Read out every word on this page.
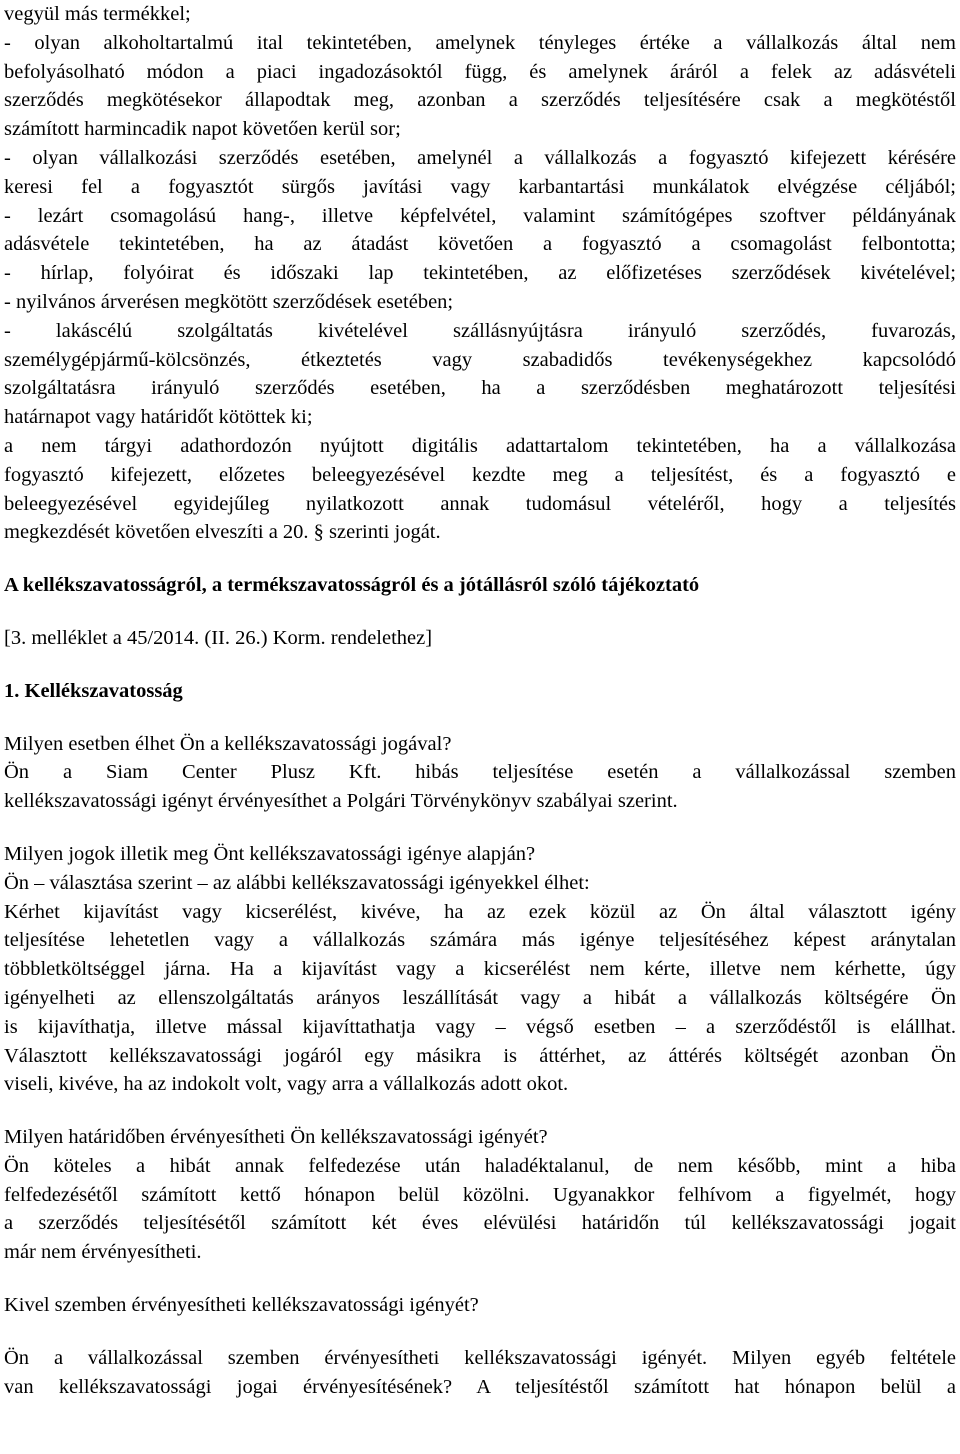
vegyül más termékkel;
- olyan alkoholtartalmú ital tekintetében, amelynek tényleges értéke a vállalkozás által nem
befolyásolható módon a piaci ingadozásoktól függ, és amelynek áráról a felek az adásvételi
szerződés megkötésekor állapodtak meg, azonban a szerződés teljesítésére csak a megkötéstől
számított harmincadik napot követően kerül sor;
- olyan vállalkozási szerződés esetében, amelynél a vállalkozás a fogyasztó kifejezett kérésére
keresi fel a fogyasztót sürgős javítási vagy karbantartási munkálatok elvégzése céljából;
- lezárt csomagolású hang-, illetve képfelvétel, valamint számítógépes szoftver példányának
adásvétele tekintetében, ha az átadást követően a fogyasztó a csomagolást felbontotta;
- hírlap, folyóirat és időszaki lap tekintetében, az előfizetéses szerződések kivételével;
- nyilvános árverésen megkötött szerződések esetében;
- lakáscélú szolgáltatás kivételével szállásnyújtásra irányuló szerződés, fuvarozás,
személygépjármű-kölcsönzés, étkeztetés vagy szabadidős tevékenységekhez kapcsolódó
szolgáltatásra irányuló szerződés esetében, ha a szerződésben meghatározott teljesítési
határnapot vagy határidőt kötöttek ki;
a nem tárgyi adathordozón nyújtott digitális adattartalom tekintetében, ha a vállalkozása
fogyasztó kifejezett, előzetes beleegyezésével kezdte meg a teljesítést, és a fogyasztó e
beleegyezésével egyidejűleg nyilatkozott annak tudomásul vételéről, hogy a teljesítés
megkezdését követően elveszíti a 20. § szerinti jogát.
A kellékszavatosságról, a termékszavatosságról és a jótállásról szóló tájékoztató
[3. melléklet a 45/2014. (II. 26.) Korm. rendelethez]
1. Kellékszavatosság
Milyen esetben élhet Ön a kellékszavatossági jogával?
Ön a Siam Center Plusz Kft. hibás teljesítése esetén a vállalkozással szemben
kellékszavatossági igényt érvényesíthet a Polgári Törvénykönyv szabályai szerint.
Milyen jogok illetik meg Önt kellékszavatossági igénye alapján?
Ön – választása szerint – az alábbi kellékszavatossági igényekkel élhet:
Kérhet kijavítást vagy kicserélést, kivéve, ha az ezek közül az Ön által választott igény
teljesítése lehetetlen vagy a vállalkozás számára más igénye teljesítéséhez képest aránytalan
többletköltséggel járna. Ha a kijavítást vagy a kicserélést nem kérte, illetve nem kérhette, úgy
igényelheti az ellenszolgáltatás arányos leszállítását vagy a hibát a vállalkozás költségére Ön
is kijavíthatja, illetve mással kijavíttathatja vagy – végső esetben – a szerződéstől is elállhat.
Választott kellékszavatossági jogáról egy másikra is áttérhet, az áttérés költségét azonban Ön
viseli, kivéve, ha az indokolt volt, vagy arra a vállalkozás adott okot.
Milyen határidőben érvényesítheti Ön kellékszavatossági igényét?
Ön köteles a hibát annak felfedezése után haladéktalanul, de nem később, mint a hiba
felfedezésétől számított kettő hónapon belül közölni. Ugyanakkor felhívom a figyelmét, hogy
a szerződés teljesítésétől számított két éves elévülési határidőn túl kellékszavatossági jogait
már nem érvényesítheti.
Kivel szemben érvényesítheti kellékszavatossági igényét?
Ön a vállalkozással szemben érvényesítheti kellékszavatossági igényét. Milyen egyéb feltétele
van kellékszavatossági jogai érvényesítésének? A teljesítéstől számított hat hónapon belül a
